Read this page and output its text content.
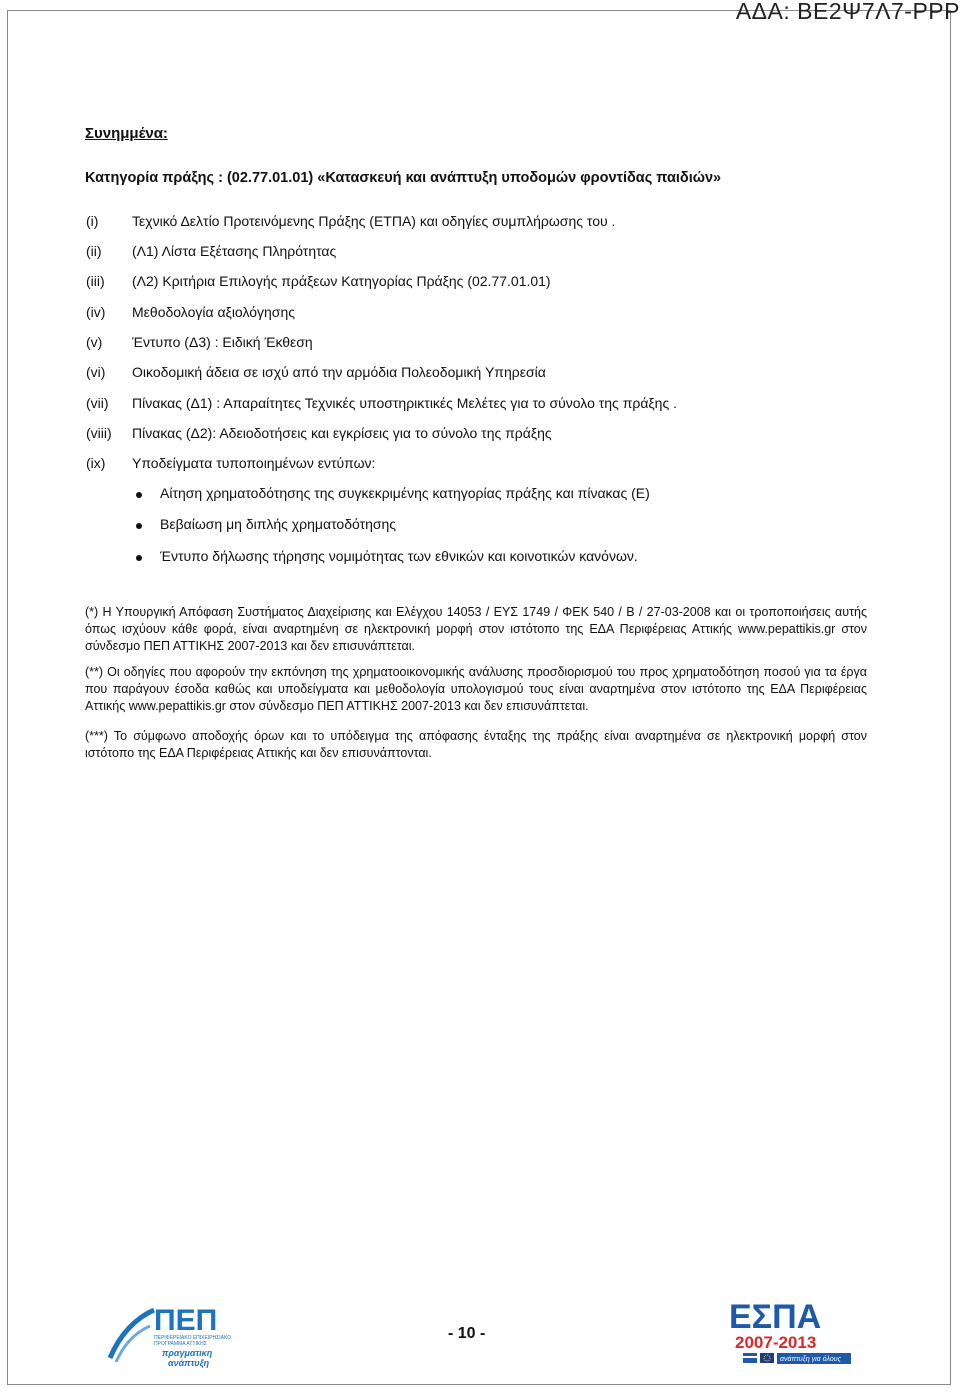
ΑΔΑ: ΒΕ2Ψ7Λ7-ΡΡΡ
Συνημμένα:
Κατηγορία πράξης : (02.77.01.01) «Κατασκευή και ανάπτυξη υποδομών φροντίδας παιδιών»
(i) Τεχνικό Δελτίο Προτεινόμενης Πράξης (ΕΤΠΑ) και οδηγίες συμπλήρωσης του .
(ii) (Λ1) Λίστα Εξέτασης Πληρότητας
(iii) (Λ2) Κριτήρια Επιλογής πράξεων Κατηγορίας Πράξης (02.77.01.01)
(iv) Μεθοδολογία αξιολόγησης
(v) Έντυπο (Δ3) : Ειδική Έκθεση
(vi) Οικοδομική άδεια σε ισχύ από την αρμόδια Πολεοδομική Υπηρεσία
(vii) Πίνακας (Δ1) : Απαραίτητες Τεχνικές υποστηρικτικές Μελέτες για το σύνολο της πράξης .
(viii) Πίνακας (Δ2): Αδειοδοτήσεις και εγκρίσεις για το σύνολο της πράξης
(ix) Υποδείγματα τυποποιημένων εντύπων:
Αίτηση χρηματοδότησης της συγκεκριμένης κατηγορίας πράξης και πίνακας (Ε)
Βεβαίωση μη διπλής χρηματοδότησης
Έντυπο δήλωσης τήρησης νομιμότητας των εθνικών και κοινοτικών κανόνων.
(*) Η Υπουργική Απόφαση Συστήματος Διαχείρισης και Ελέγχου 14053 / ΕΥΣ 1749 / ΦΕΚ 540 / Β / 27-03-2008 και οι τροποποιήσεις αυτής όπως ισχύουν κάθε φορά, είναι αναρτημένη σε ηλεκτρονική μορφή στον ιστότοπο της ΕΔΑ Περιφέρειας Αττικής www.pepattikis.gr στον σύνδεσμο ΠΕΠ ΑΤΤΙΚΗΣ 2007-2013 και δεν επισυνάπτεται.
(**) Οι οδηγίες που αφορούν την εκπόνηση της χρηματοοικονομικής ανάλυσης προσδιορισμού του προς χρηματοδότηση ποσού για τα έργα που παράγουν έσοδα καθώς και υποδείγματα και μεθοδολογία υπολογισμού τους είναι αναρτημένα στον ιστότοπο της ΕΔΑ Περιφέρειας Αττικής www.pepattikis.gr στον σύνδεσμο ΠΕΠ ΑΤΤΙΚΗΣ 2007-2013 και δεν επισυνάπτεται.
(***) Το σύμφωνο αποδοχής όρων και το υπόδειγμα της απόφασης ένταξης της πράξης είναι αναρτημένα σε ηλεκτρονική μορφή στον ιστότοπο της ΕΔΑ Περιφέρειας Αττικής και δεν επισυνάπτονται.
ΠΕΠ
ΠΕΡΙΦΕΡΕΙΑΚΟ ΕΠΙΧΕΙΡΗΣΙΑΚΟ
ΠΡΟΓΡΑΜΜΑ ΑΤΤΙΚΗΣ
πραγματικη
ανάπτυξη
- 10 -	ΕΣΠΑ
2007-2013
ανάπτυξη για όλους
